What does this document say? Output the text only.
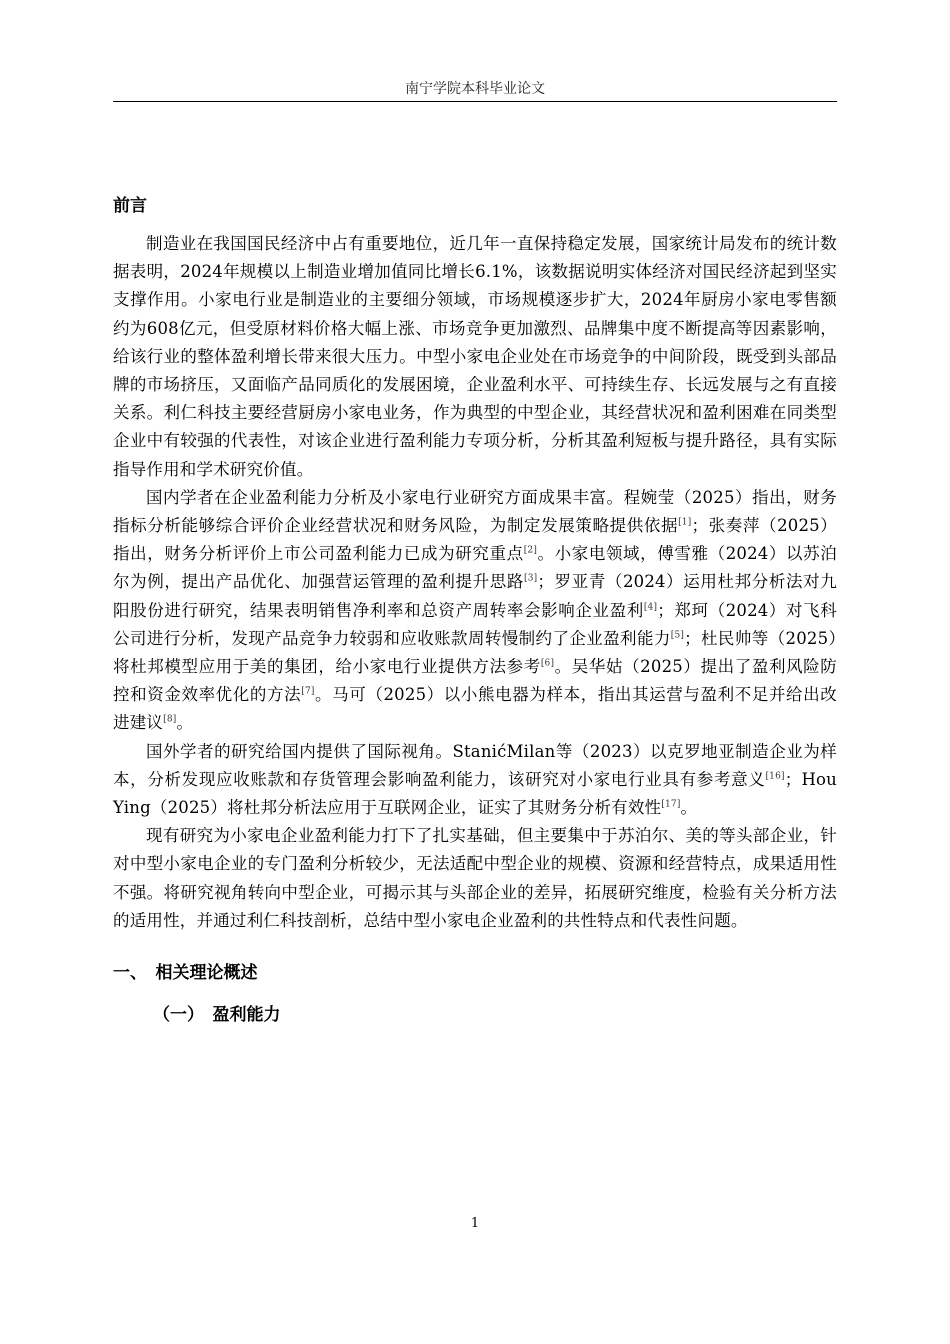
南宁学院本科毕业论文
前言

制造业在我国国民经济中占有重要地位，近几年一直保持稳定发展，国家统计局发布的统计数据表明，2024年规模以上制造业增加值同比增长6.1%，该数据说明实体经济对国民经济起到坚实支撑作用。小家电行业是制造业的主要细分领域，市场规模逐步扩大，2024年厨房小家电零售额约为608亿元，但受原材料价格大幅上涨、市场竞争更加激烈、品牌集中度不断提高等因素影响，给该行业的整体盈利增长带来很大压力。中型小家电企业处在市场竞争的中间阶段，既受到头部品牌的市场挤压，又面临产品同质化的发展困境，企业盈利水平、可持续生存、长远发展与之有直接关系。利仁科技主要经营厨房小家电业务，作为典型的中型企业，其经营状况和盈利困难在同类型企业中有较强的代表性，对该企业进行盈利能力专项分析，分析其盈利短板与提升路径，具有实际指导作用和学术研究价值。

国内学者在企业盈利能力分析及小家电行业研究方面成果丰富。程婉莹（2025）指出，财务指标分析能够综合评价企业经营状况和财务风险，为制定发展策略提供依据[1]；张奏萍（2025）指出，财务分析评价上市公司盈利能力已成为研究重点[2]。小家电领域，傅雪雅（2024）以苏泊尔为例，提出产品优化、加强营运管理的盈利提升思路[3]；罗亚青（2024）运用杜邦分析法对九阳股份进行研究，结果表明销售净利率和总资产周转率会影响企业盈利[4]；郑珂（2024）对飞科公司进行分析，发现产品竞争力较弱和应收账款周转慢制约了企业盈利能力[5]；杜民帅等（2025）将杜邦模型应用于美的集团，给小家电行业提供方法参考[6]。吴华姑（2025）提出了盈利风险防控和资金效率优化的方法[7]。马可（2025）以小熊电器为样本，指出其运营与盈利不足并给出改进建议[8]。

国外学者的研究给国内提供了国际视角。StanićMilan等（2023）以克罗地亚制造企业为样本，分析发现应收账款和存货管理会影响盈利能力，该研究对小家电行业具有参考意义[16]；Hou Ying（2025）将杜邦分析法应用于互联网企业，证实了其财务分析有效性[17]。

现有研究为小家电企业盈利能力打下了扎实基础，但主要集中于苏泊尔、美的等头部企业，针对中型小家电企业的专门盈利分析较少，无法适配中型企业的规模、资源和经营特点，成果适用性不强。将研究视角转向中型企业，可揭示其与头部企业的差异，拓展研究维度，检验有关分析方法的适用性，并通过利仁科技剖析，总结中型小家电企业盈利的共性特点和代表性问题。

一、　相关理论概述
（一）　盈利能力
1
